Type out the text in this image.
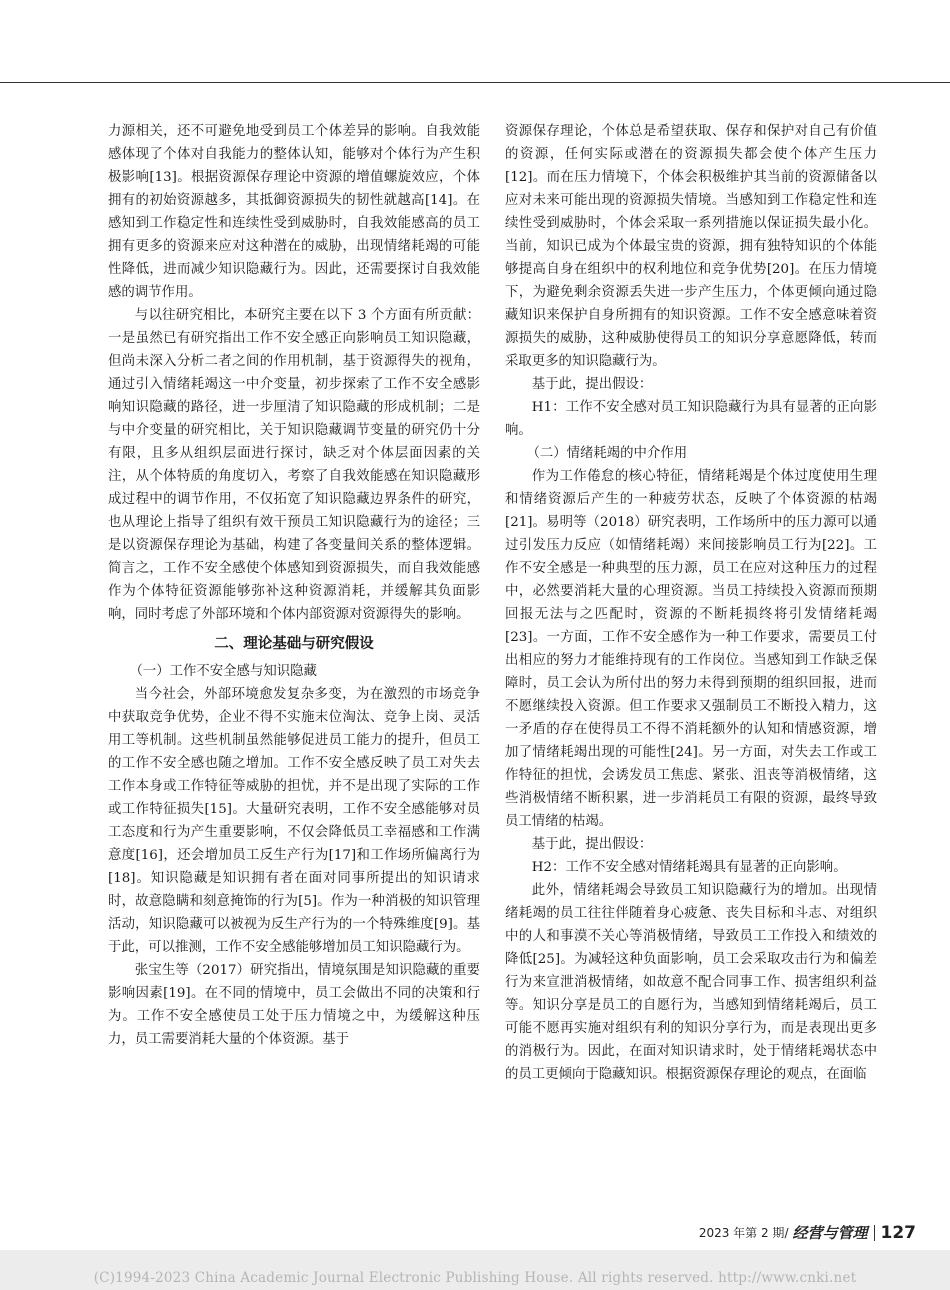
力源相关，还不可避免地受到员工个体差异的影响。自我效能感体现了个体对自我能力的整体认知，能够对个体行为产生积极影响[13]。根据资源保存理论中资源的增值螺旋效应，个体拥有的初始资源越多，其抵御资源损失的韧性就越高[14]。在感知到工作稳定性和连续性受到威胁时，自我效能感高的员工拥有更多的资源来应对这种潜在的威胁，出现情绪耗竭的可能性降低，进而减少知识隐藏行为。因此，还需要探讨自我效能感的调节作用。

与以往研究相比，本研究主要在以下 3 个方面有所贡献：一是虽然已有研究指出工作不安全感正向影响员工知识隐藏，但尚未深入分析二者之间的作用机制，基于资源得失的视角，通过引入情绪耗竭这一中介变量，初步探索了工作不安全感影响知识隐藏的路径，进一步厘清了知识隐藏的形成机制；二是与中介变量的研究相比，关于知识隐藏调节变量的研究仍十分有限，且多从组织层面进行探讨，缺乏对个体层面因素的关注，从个体特质的角度切入，考察了自我效能感在知识隐藏形成过程中的调节作用，不仅拓宽了知识隐藏边界条件的研究，也从理论上指导了组织有效干预员工知识隐藏行为的途径；三是以资源保存理论为基础，构建了各变量间关系的整体逻辑。简言之，工作不安全感使个体感知到资源损失，而自我效能感作为个体特征资源能够弥补这种资源消耗，并缓解其负面影响，同时考虑了外部环境和个体内部资源对资源得失的影响。

二、理论基础与研究假设

（一）工作不安全感与知识隐藏

当今社会，外部环境愈发复杂多变，为在激烈的市场竞争中获取竞争优势，企业不得不实施末位淘汰、竞争上岗、灵活用工等机制。这些机制虽然能够促进员工能力的提升，但员工的工作不安全感也随之增加。工作不安全感反映了员工对失去工作本身或工作特征等威胁的担忧，并不是出现了实际的工作或工作特征损失[15]。大量研究表明，工作不安全感能够对员工态度和行为产生重要影响，不仅会降低员工幸福感和工作满意度[16]，还会增加员工反生产行为[17]和工作场所偏离行为[18]。知识隐藏是知识拥有者在面对同事所提出的知识请求时，故意隐瞒和刻意掩饰的行为[5]。作为一种消极的知识管理活动，知识隐藏可以被视为反生产行为的一个特殊维度[9]。基于此，可以推测，工作不安全感能够增加员工知识隐藏行为。

张宝生等（2017）研究指出，情境氛围是知识隐藏的重要影响因素[19]。在不同的情境中，员工会做出不同的决策和行为。工作不安全感使员工处于压力情境之中，为缓解这种压力，员工需要消耗大量的个体资源。基于

资源保存理论，个体总是希望获取、保存和保护对自己有价值的资源，任何实际或潜在的资源损失都会使个体产生压力[12]。而在压力情境下，个体会积极维护其当前的资源储备以应对未来可能出现的资源损失情境。当感知到工作稳定性和连续性受到威胁时，个体会采取一系列措施以保证损失最小化。当前，知识已成为个体最宝贵的资源，拥有独特知识的个体能够提高自身在组织中的权利地位和竞争优势[20]。在压力情境下，为避免剩余资源丢失进一步产生压力，个体更倾向通过隐藏知识来保护自身所拥有的知识资源。工作不安全感意味着资源损失的威胁，这种威胁使得员工的知识分享意愿降低，转而采取更多的知识隐藏行为。

基于此，提出假设：

H1：工作不安全感对员工知识隐藏行为具有显著的正向影响。

（二）情绪耗竭的中介作用

作为工作倦怠的核心特征，情绪耗竭是个体过度使用生理和情绪资源后产生的一种疲劳状态，反映了个体资源的枯竭[21]。易明等（2018）研究表明，工作场所中的压力源可以通过引发压力反应（如情绪耗竭）来间接影响员工行为[22]。工作不安全感是一种典型的压力源，员工在应对这种压力的过程中，必然要消耗大量的心理资源。当员工持续投入资源而预期回报无法与之匹配时，资源的不断耗损终将引发情绪耗竭[23]。一方面，工作不安全感作为一种工作要求，需要员工付出相应的努力才能维持现有的工作岗位。当感知到工作缺乏保障时，员工会认为所付出的努力未得到预期的组织回报，进而不愿继续投入资源。但工作要求又强制员工不断投入精力，这一矛盾的存在使得员工不得不消耗额外的认知和情感资源，增加了情绪耗竭出现的可能性[24]。另一方面，对失去工作或工作特征的担忧，会诱发员工焦虑、紧张、沮丧等消极情绪，这些消极情绪不断积累，进一步消耗员工有限的资源，最终导致员工情绪的枯竭。

基于此，提出假设：

H2：工作不安全感对情绪耗竭具有显著的正向影响。

此外，情绪耗竭会导致员工知识隐藏行为的增加。出现情绪耗竭的员工往往伴随着身心疲惫、丧失目标和斗志、对组织中的人和事漠不关心等消极情绪，导致员工工作投入和绩效的降低[25]。为减轻这种负面影响，员工会采取攻击行为和偏差行为来宣泄消极情绪，如故意不配合同事工作、损害组织利益等。知识分享是员工的自愿行为，当感知到情绪耗竭后，员工可能不愿再实施对组织有利的知识分享行为，而是表现出更多的消极行为。因此，在面对知识请求时，处于情绪耗竭状态中的员工更倾向于隐藏知识。根据资源保存理论的观点，在面临

2023 年第 2 期 / 经营与管理 127
(C)1994-2023 China Academic Journal Electronic Publishing House. All rights reserved. http://www.cnki.net
